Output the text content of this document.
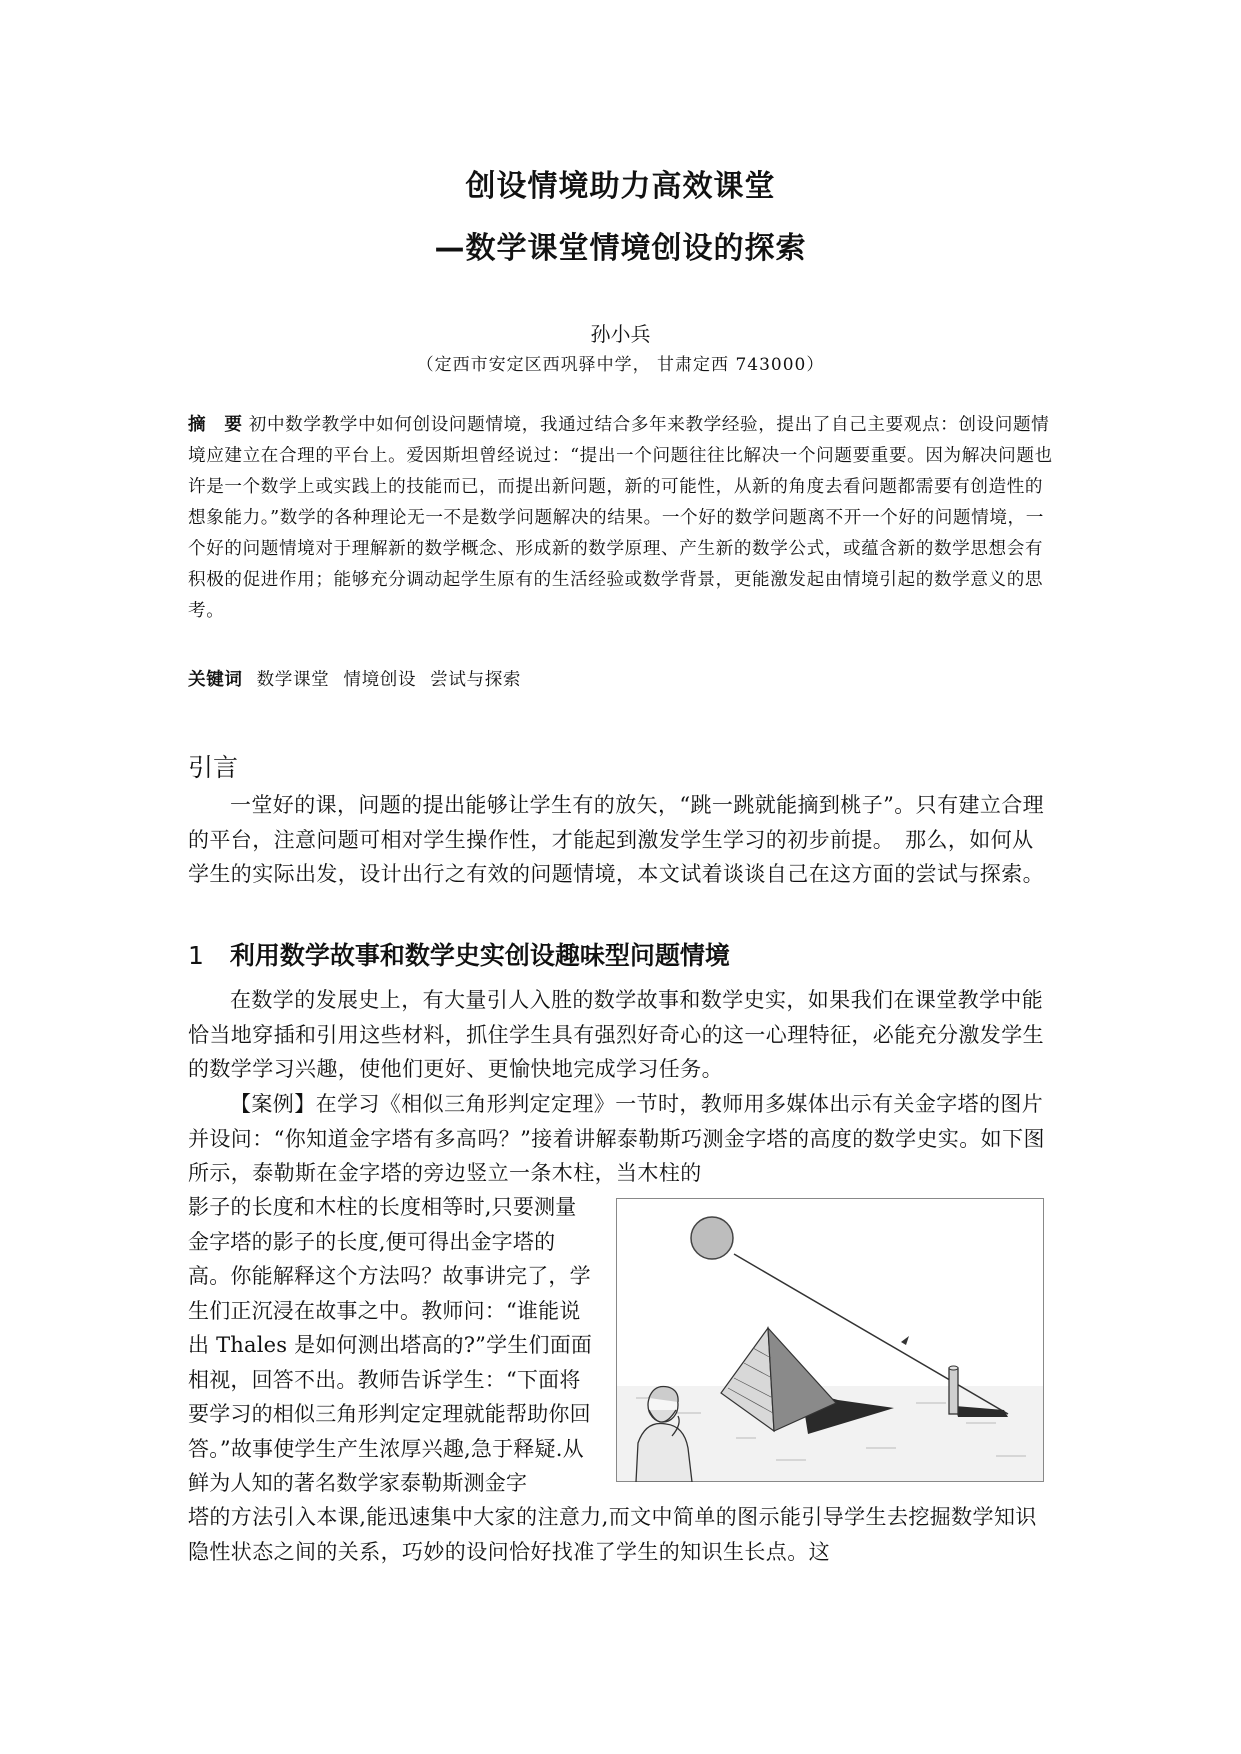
创设情境助力高效课堂
—数学课堂情境创设的探索
孙小兵
（定西市安定区西巩驿中学， 甘肃定西 743000）

摘　要 初中数学教学中如何创设问题情境，我通过结合多年来教学经验，提出了自己主要观点：创设问题情境应建立在合理的平台上。爱因斯坦曾经说过：“提出一个问题往往比解决一个问题要重要。因为解决问题也许是一个数学上或实践上的技能而已，而提出新问题，新的可能性，从新的角度去看问题都需要有创造性的想象能力。”数学的各种理论无一不是数学问题解决的结果。一个好的数学问题离不开一个好的问题情境，一个好的问题情境对于理解新的数学概念、形成新的数学原理、产生新的数学公式，或蕴含新的数学思想会有积极的促进作用；能够充分调动起学生原有的生活经验或数学背景，更能激发起由情境引起的数学意义的思考。

关键词 数学课堂 情境创设 尝试与探索

引言

一堂好的课，问题的提出能够让学生有的放矢，“跳一跳就能摘到桃子”。只有建立合理的平台，注意问题可相对学生操作性，才能起到激发学生学习的初步前提。　那么，如何从学生的实际出发，设计出行之有效的问题情境，本文试着谈谈自己在这方面的尝试与探索。

1 利用数学故事和数学史实创设趣味型问题情境

在数学的发展史上，有大量引人入胜的数学故事和数学史实，如果我们在课堂教学中能恰当地穿插和引用这些材料，抓住学生具有强烈好奇心的这一心理特征，必能充分激发学生的数学学习兴趣，使他们更好、更愉快地完成学习任务。

【案例】在学习《相似三角形判定定理》一节时，教师用多媒体出示有关金字塔的图片并设问：“你知道金字塔有多高吗？”接着讲解泰勒斯巧测金字塔的高度的数学史实。如下图所示，泰勒斯在金字塔的旁边竖立一条木柱，当木柱的

影子的长度和木柱的长度相等时,只要测量金字塔的影子的长度,便可得出金字塔的高。你能解释这个方法吗？故事讲完了，学生们正沉浸在故事之中。教师问：“谁能说出 Thales 是如何测出塔高的?”学生们面面相视，回答不出。教师告诉学生：“下面将要学习的相似三角形判定定理就能帮助你回答。”故事使学生产生浓厚兴趣,急于释疑.从鲜为人知的著名数学家泰勒斯测金字

塔的方法引入本课,能迅速集中大家的注意力,而文中简单的图示能引导学生去挖掘数学知识隐性状态之间的关系，巧妙的设问恰好找准了学生的知识生长点。这
